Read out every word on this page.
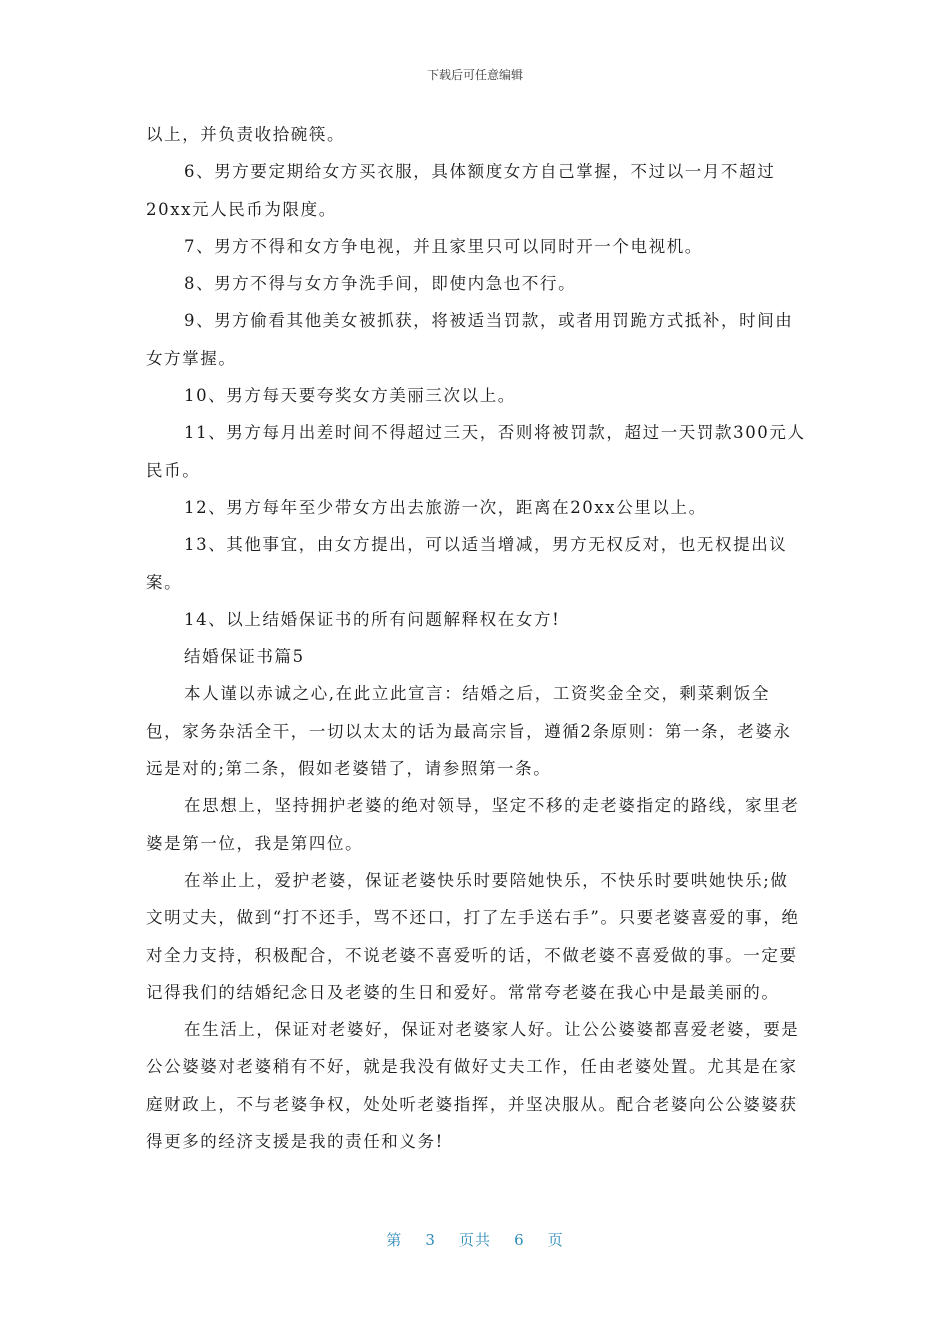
下载后可任意编辑

以上，并负责收拾碗筷。

6、男方要定期给女方买衣服，具体额度女方自己掌握，不过以一月不超过20xx元人民币为限度。

7、男方不得和女方争电视，并且家里只可以同时开一个电视机。

8、男方不得与女方争洗手间，即使内急也不行。

9、男方偷看其他美女被抓获，将被适当罚款，或者用罚跪方式抵补，时间由女方掌握。

10、男方每天要夸奖女方美丽三次以上。

11、男方每月出差时间不得超过三天，否则将被罚款，超过一天罚款300元人民币。

12、男方每年至少带女方出去旅游一次，距离在20xx公里以上。

13、其他事宜，由女方提出，可以适当增减，男方无权反对，也无权提出议案。

14、以上结婚保证书的所有问题解释权在女方!

结婚保证书篇5

本人谨以赤诚之心,在此立此宣言：结婚之后，工资奖金全交，剩菜剩饭全包，家务杂活全干，一切以太太的话为最高宗旨，遵循2条原则：第一条，老婆永远是对的;第二条，假如老婆错了，请参照第一条。

在思想上，坚持拥护老婆的绝对领导，坚定不移的走老婆指定的路线，家里老婆是第一位，我是第四位。

在举止上，爱护老婆，保证老婆快乐时要陪她快乐，不快乐时要哄她快乐;做文明丈夫，做到“打不还手，骂不还口，打了左手送右手”。只要老婆喜爱的事，绝对全力支持，积极配合，不说老婆不喜爱听的话，不做老婆不喜爱做的事。一定要记得我们的结婚纪念日及老婆的生日和爱好。常常夸老婆在我心中是最美丽的。

在生活上，保证对老婆好，保证对老婆家人好。让公公婆婆都喜爱老婆，要是公公婆婆对老婆稍有不好，就是我没有做好丈夫工作，任由老婆处置。尤其是在家庭财政上，不与老婆争权，处处听老婆指挥，并坚决服从。配合老婆向公公婆婆获得更多的经济支援是我的责任和义务!

第 3 页共 6 页
